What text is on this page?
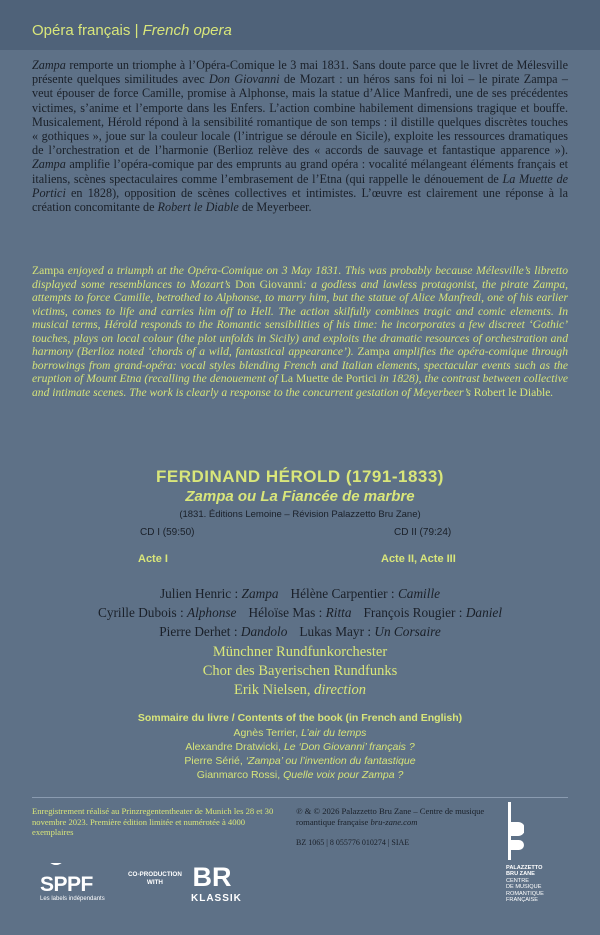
Opéra français | French opera

Zampa remporte un triomphe à l’Opéra-Comique le 3 mai 1831. Sans doute parce que le livret de Mélesville présente quelques similitudes avec Don Giovanni de Mozart : un héros sans foi ni loi – le pirate Zampa – veut épouser de force Camille, promise à Alphonse, mais la statue d’Alice Manfredi, une de ses précédentes victimes, s’anime et l’emporte dans les Enfers. L’action combine habilement dimensions tragique et bouffe. Musicalement, Hérold répond à la sensibilité romantique de son temps : il distille quelques discrètes touches « gothiques », joue sur la couleur locale (l’intrigue se déroule en Sicile), exploite les ressources dramatiques de l’orchestration et de l’harmonie (Berlioz relève des « accords de sauvage et fantastique apparence »). Zampa amplifie l’opéra-comique par des emprunts au grand opéra : vocalité mélangeant éléments français et italiens, scènes spectaculaires comme l’embrasement de l’Etna (qui rappelle le dénouement de La Muette de Portici en 1828), opposition de scènes collectives et intimistes. L’œuvre est clairement une réponse à la création concomitante de Robert le Diable de Meyerbeer.

Zampa enjoyed a triumph at the Opéra-Comique on 3 May 1831. This was probably because Mélesville’s libretto displayed some resemblances to Mozart’s Don Giovanni: a godless and lawless protagonist, the pirate Zampa, attempts to force Camille, betrothed to Alphonse, to marry him, but the statue of Alice Manfredi, one of his earlier victims, comes to life and carries him off to Hell. The action skilfully combines tragic and comic elements. In musical terms, Hérold responds to the Romantic sensibilities of his time: he incorporates a few discreet ‘Gothic’ touches, plays on local colour (the plot unfolds in Sicily) and exploits the dramatic resources of orchestration and harmony (Berlioz noted ‘chords of a wild, fantastical appearance’). Zampa amplifies the opéra-comique through borrowings from grand-opéra: vocal styles blending French and Italian elements, spectacular events such as the eruption of Mount Etna (recalling the denouement of La Muette de Portici in 1828), the contrast between collective and intimate scenes. The work is clearly a response to the concurrent gestation of Meyerbeer’s Robert le Diable.

FERDINAND HÉROLD (1791-1833)
Zampa ou La Fiancée de marbre
(1831. Éditions Lemoine – Révision Palazzetto Bru Zane)
CD I (59:50)	CD II (79:24)
Acte I	Acte II, Acte III
Julien Henric : Zampa Hélène Carpentier : Camille
Cyrille Dubois : Alphonse Héloïse Mas : Ritta François Rougier : Daniel
Pierre Derhet : Dandolo Lukas Mayr : Un Corsaire
Münchner Rundfunkorchester
Chor des Bayerischen Rundfunks
Erik Nielsen, direction
Sommaire du livre / Contents of the book (in French and English)
Agnès Terrier, L’air du temps
Alexandre Dratwicki, Le ‘Don Giovanni’ français ?
Pierre Sérié, ‘Zampa’ ou l’invention du fantastique
Gianmarco Rossi, Quelle voix pour Zampa ?
Enregistrement réalisé au Prinzregententheater de Munich les 28 et 30 novembre 2023. Première édition limitée et numérotée à 4000 exemplaires
℗ & © 2026 Palazzetto Bru Zane – Centre de musique romantique française bru-zane.com
BZ 1065 | 8 055776 010274 | SIAE
SPPF
Les labels indépendants
CO-PRODUCTION
WITH	BR
KLASSIK
PALAZZETTO
BRU ZANE
CENTRE
DE MUSIQUE
ROMANTIQUE
FRANÇAISE
